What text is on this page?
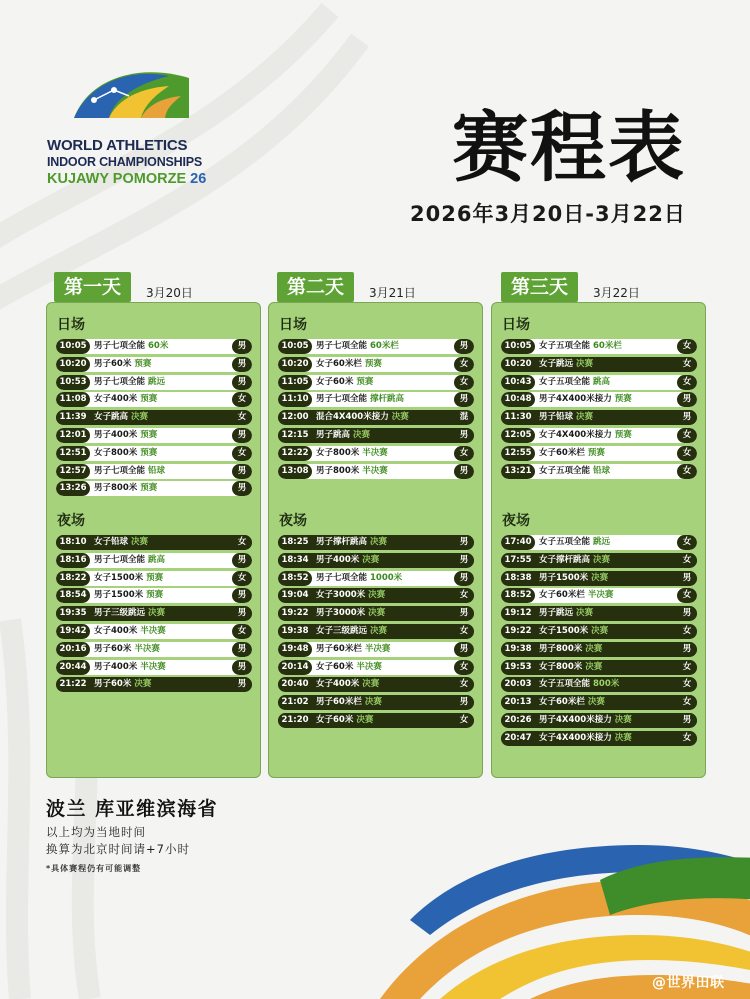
WORLD ATHLETICS
INDOOR CHAMPIONSHIPS
KUJAWY POMORZE 26	赛程表
2026年3月20日-3月22日
第一天	3月20日
日场
10:05 男子七项全能 60米	男
10:20 男子60米 预赛	男
10:53 男子七项全能 跳远	男
11:08 女子400米 预赛	女
11:39 女子跳高 决赛	女
12:01 男子400米 预赛	男
12:51 女子800米 预赛	女
12:57 男子七项全能 铅球	男
13:26 男子800米 预赛	男
夜场
18:10 女子铅球 决赛	女
18:16 男子七项全能 跳高	男
18:22 女子1500米 预赛	女
18:54 男子1500米 预赛	男
19:35 男子三级跳远 决赛	男
19:42 女子400米 半决赛	女
20:16 男子60米 半决赛	男
20:44 男子400米 半决赛	男
21:22 男子60米 决赛	男
第二天	3月21日
日场
10:05 男子七项全能 60米栏	男
10:20 女子60米栏 预赛	女
11:05 女子60米 预赛	女
11:10 男子七项全能 撑杆跳高	男
12:00 混合4X400米接力 决赛	混
12:15 男子跳高 决赛	男
12:22 女子800米 半决赛	女
13:08 男子800米 半决赛	男
夜场
18:25 男子撑杆跳高 决赛	男
18:34 男子400米 决赛	男
18:52 男子七项全能 1000米	男
19:04 女子3000米 决赛	女
19:22 男子3000米 决赛	男
19:38 女子三级跳远 决赛	女
19:48 男子60米栏 半决赛	男
20:14 女子60米 半决赛	女
20:40 女子400米 决赛	女
21:02 男子60米栏 决赛	男
21:20 女子60米 决赛	女
第三天	3月22日
日场
10:05 女子五项全能 60米栏	女
10:20 女子跳远 决赛	女
10:43 女子五项全能 跳高	女
10:48 男子4X400米接力 预赛	男
11:30 男子铅球 决赛	男
12:05 女子4X400米接力 预赛	女
12:55 女子60米栏 预赛	女
13:21 女子五项全能 铅球	女
夜场
17:40 女子五项全能 跳远	女
17:55 女子撑杆跳高 决赛	女
18:38 男子1500米 决赛	男
18:52 女子60米栏 半决赛	女
19:12 男子跳远 决赛	男
19:22 女子1500米 决赛	女
19:38 男子800米 决赛	男
19:53 女子800米 决赛	女
20:03 女子五项全能 800米	女
20:13 女子60米栏 决赛	女
20:26 男子4X400米接力 决赛	男
20:47 女子4X400米接力 决赛	女
波兰 库亚维滨海省
以上均为当地时间
换算为北京时间请+7小时
*具体赛程仍有可能调整
@世界田联
